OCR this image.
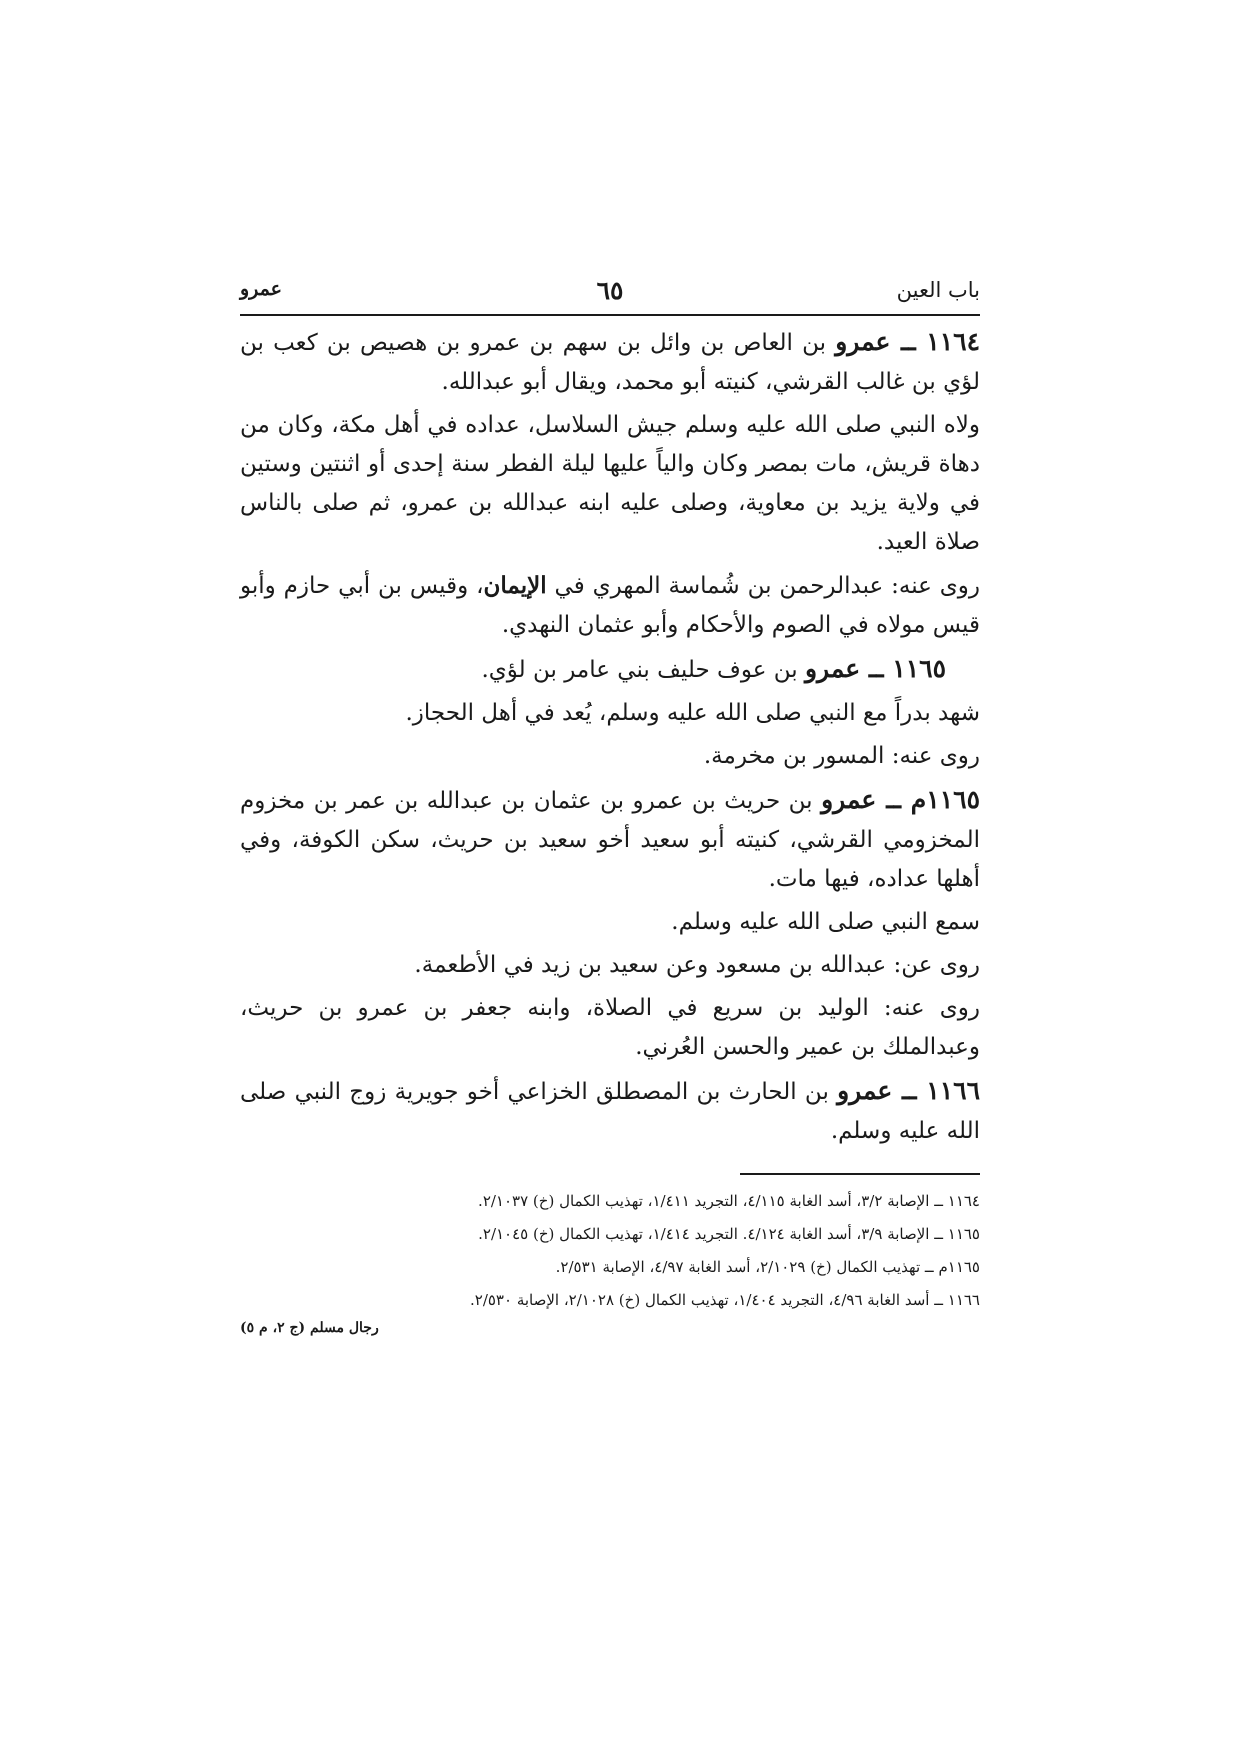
باب العين
٦٥
عمرو

١١٦٤ ــ عمرو بن العاص بن وائل بن سهم بن عمرو بن هصيص بن كعب بن لؤي بن غالب القرشي، كنيته أبو محمد، ويقال أبو عبدالله.

ولاه النبي صلى الله عليه وسلم جيش السلاسل، عداده في أهل مكة، وكان من دهاة قريش، مات بمصر وكان والياً عليها ليلة الفطر سنة إحدى أو اثنتين وستين في ولاية يزيد بن معاوية، وصلى عليه ابنه عبدالله بن عمرو، ثم صلى بالناس صلاة العيد.

روى عنه: عبدالرحمن بن شُماسة المهري في الإيمان، وقيس بن أبي حازم وأبو قيس مولاه في الصوم والأحكام وأبو عثمان النهدي.

١١٦٥ ــ عمرو بن عوف حليف بني عامر بن لؤي.

شهد بدراً مع النبي صلى الله عليه وسلم، يُعد في أهل الحجاز.

روى عنه: المسور بن مخرمة.

١١٦٥م ــ عمرو بن حريث بن عمرو بن عثمان بن عبدالله بن عمر بن مخزوم المخزومي القرشي، كنيته أبو سعيد أخو سعيد بن حريث، سكن الكوفة، وفي أهلها عداده، فيها مات.

سمع النبي صلى الله عليه وسلم.

روى عن: عبدالله بن مسعود وعن سعيد بن زيد في الأطعمة.

روى عنه: الوليد بن سريع في الصلاة، وابنه جعفر بن عمرو بن حريث، وعبدالملك بن عمير والحسن العُرني.

١١٦٦ ــ عمرو بن الحارث بن المصطلق الخزاعي أخو جويرية زوج النبي صلى الله عليه وسلم.

١١٦٤ ــ الإصابة ٣/٢، أسد الغابة ٤/١١٥، التجريد ١/٤١١، تهذيب الكمال (خ) ٢/١٠٣٧.

١١٦٥ ــ الإصابة ٣/٩، أسد الغابة ٤/١٢٤. التجريد ١/٤١٤، تهذيب الكمال (خ) ٢/١٠٤٥.

١١٦٥م ــ تهذيب الكمال (خ) ٢/١٠٢٩، أسد الغابة ٤/٩٧، الإصابة ٢/٥٣١.

١١٦٦ ــ أسد الغابة ٤/٩٦، التجريد ١/٤٠٤، تهذيب الكمال (خ) ٢/١٠٢٨، الإصابة ٢/٥٣٠.

رجال مسلم (ج ٢، م ٥)
